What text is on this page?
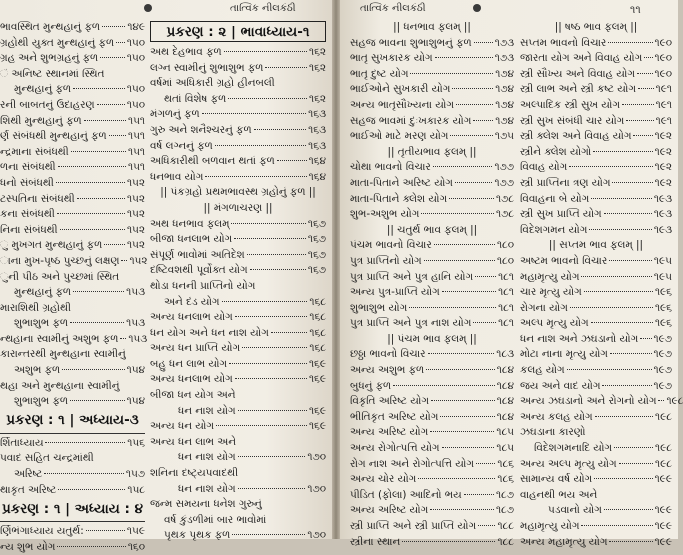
તાત્વિક નીલકંઠી
ભાવસ્થિત મુન્થહાનું ફળ	૧૪૯
ગ્રહોથી યુક્ત મુન્થહાનું ફળ ૧૫૦
ગ્રહ અને શુભગ્રહનું ફળ	૧૫૦
ં અનિષ્ટ સ્થાનમાં સ્થિત
મુન્થહાનું ફળ	૧૫૦
રની બાબતનું ઉદાહરણ	૧૫૦
શિથી મુન્થહાનું ફળ	૧૫૧
ર્ણ સંબંધથી મુન્થહાનું ફળ ૧૫૧
ન્દ્રમાના સંબંધથી	૧૫૧
ળના સંબંધથી	૧૫૧
ધનો સંબંધથી	૧૫૨
ટસ્પતિના સંબંધથી	૧૫૨
કના સંબંધથી	૧૫૨
નિના સંબંધથી	૧૫૨
ુ મુખગત મુન્થહાનું ફળ ૧૫૨
ાના મુખ-પૃષ્ઠ પુચ્છનું લક્ષણ ૧૫૨
ુની પીઠ અને પુચ્છમાં સ્થિત
મુન્થહાનું ફળ	૧૫૩
મારાશિથી ગ્રહોથી
શુભાશુભ ફળ	૧૫૩
ન્થહાના સ્વામીનું અશુભ ફળ ૧૫૩
કારાન્તરથી મુન્થહાના સ્વામીનું
અશુભ ફળ	૧૫૪
થહા અને મુન્થહાના સ્વામીનું
શુભાશુભ ફળ	૧૫૪
પ્રકરણ : ૧ | અધ્યાય-૩
ર્શિતાધ્યાય	૧૫૬
પવાદ સહિત ચન્દ્રમાંથી
અરિષ્ટ	૧૫૭
થાકૃત અરિષ્ટ	૧૫૮
પ્રકરણ : ૧ | અધ્યાય : ૪
ર્ણિભંગાધ્યાય યતુર્થ:	૧૫૯
ન્ય શુભ યોગ	૧૬૦
પ્રકરણ : ૨ | ભાવાધ્યાય-૧
અથ દેહભાવ ફળ	૧૬૨
લગ્ન સ્વામીનું શુભાશુભ ફળ	૧૬૨
વર્ષમાં અધિકારી ગ્રહો હીનબલી
થતાં વિશેષ ફળ	૧૬૨
મંગળનું ફળ	૧૬૩
ગુરુ અને શનૈશ્ચરનું ફળ	૧૬૩
વર્ષ લગ્નનું ફળ	૧૬૩
અધિકારીથી બળવાન થતાં ફળ	૧૬૪
ધનભાવ યોગ	૧૬૪
|| પંકગ્રહો પ્રથમભાવસ્થ ગ્રહોનું ફળ ||
|| મંગળાચરણ ||
અથ ધનભાવ ફલમ્	૧૬૭
બીજા ધનલાભ યોગ	૧૬૭
સંપૂર્ણ ભાવોમાં અતિદેશ	૧૬૭
દષ્ટિવશથી પૂર્વોક્ત યોગ	૧૬૭
થોડા ધનની પ્રાપ્તિનો યોગ
અને દંડ યોગ	૧૬૮
અન્ય ધનલાભ યોગ	૧૬૮
ધન યોગ અને ધન નાશ યોગ	૧૬૮
અન્ય ધન પ્રાપ્તિ યોગ	૧૬૮
બહુ ધન લાભ યોગ	૧૬૯
અન્ય ધનલાભ યોગ	૧૬૯
બીજા ધન યોગ અને
ધન નાશ યોગ	૧૬૯
અન્ય ધન યોગ	૧૬૯
અન્ય ધન લાભ અને
ધન નાશ યોગ	૧૭૦
શનિના દષ્ટ્યપવાદથી
ધન નાશ યોગ	૧૭૦
જન્મ સમયના ધનેશ ગુરુનું
વર્ષ કુંડળીમાં બાર ભાવોમાં
પૃથક પૃથક ફળ	૧૭૦
તાત્વિક નીલકંઠી	૧૧
|| ધનભાવ ફલમ્ ||
સહજ ભાવના શુભાશુભનું ફળ ૧૭૩
ભાતૃ સુખકારક યોગ	૧૭૩
ભાતૃ દુષ્ટ યોગ	૧૭૪
ભાઈઓને સુખકારી યોગ	૧૭૪
અન્ય ભાતૃસૌખ્યના યોગ	૧૭૪
સહજ ભાવમાં દુઃખકારક યોગ ૧૭૪
ભાઈઓ માટે મરણ યોગ	૧૭૫
|| તૃતીયભાવ ફલમ્ ||
ચોથા ભાવનો વિચાર	૧૭૭
માતા-પિતાને અરિષ્ટ યોગ	૧૭૭
માતા-પિતાને ક્લેશ યોગ	૧૭૮
શુભ-અશુભ યોગ	૧૭૮
|| ચતુર્થ ભાવ ફલમ્ ||
પંચમ ભાવનો વિચાર	૧૮૦
પુત્ર પ્રાપ્તિનો યોગ	૧૮૦
પુત્ર પ્રાપ્તિ અને પુત્ર હાનિ યોગ ૧૮૧
અન્ય પુત્ર-પ્રાપ્તિ યોગ	૧૮૧
શુભાશુભ યોગ	૧૮૧
પુત્ર પ્રાપ્તિ અને પુત્ર નાશ યોગ	૧૮૧
|| પંચમ ભાવ ફલમ્ ||
છઠ્ઠા ભાવનો વિચાર	૧૮૩
અન્ય અશુભ ફળ	૧૮૪
બુધનું ફળ	૧૮૪
વિકૃતિ અરિષ્ટ યોગ	૧૮૪
ભીતિકૃત અરિષ્ટ યોગ	૧૮૪
અન્ય અરિષ્ટ યોગ	૧૮૫
અન્ય રોગોત્પત્તિ યોગ	૧૮૫
રોગ નાશ અને રોગોત્પત્તિ યોગ ૧૮૬
અન્ય ચોર યોગ	૧૮૬
પીડિત (ફોલા) આદિનો ભય	૧૮૭
અન્ય અરિષ્ટ યોગ	૧૮૭
સ્ત્રી પ્રાપ્તિ અને સ્ત્રી પ્રાપ્તિ યોગ ૧૮૮
સ્ત્રીના સ્થાન	૧૮૮
|| ષષ્ઠ ભાવ ફલમ્ ||
સપ્તમ ભાવનો વિચાર	૧૯૦
જારતા યોગ અને વિવાહ યોગ ૧૯૦
સ્ત્રી સૌખ્ય અને વિવાહ યોગ ૧૯૦
સ્ત્રી લાભ અને સ્ત્રી કષ્ટ યોગ ૧૯૧
અલ્પાદિક સ્ત્રી સુખ યોગ	૧૯૧
સ્ત્રી સુખ સંબંધી ચાર યોગ	૧૯૧
સ્ત્રી ક્લેશ અને વિવાહ યોગ ૧૯૨
સ્ત્રીને ક્લેશ યોગો	૧૯૨
વિવાહ યોગ	૧૯૨
સ્ત્રી પ્રાપ્તિના ત્રણ યોગ	૧૯૨
વિવાહના બે યોગ	૧૯૩
સ્ત્રી સુખ પ્રાપ્તિ યોગ	૧૯૩
વિદેશગમન યોગ	૧૯૩
|| સપ્તમ ભાવ ફલમ્ ||
અષ્ટમ ભાવનો વિચાર	૧૯૫
મહામૃત્યુ યોગ	૧૯૫
ચાર મૃત્યુ યોગ	૧૯૬
રોગના યોગ	૧૯૬
અલ્પ મૃત્યુ યોગ	૧૯૬
ધન નાશ અને ઝઘડાનો યોગ ૧૯૭
મોટા નાના મૃત્યુ યોગ	૧૯૭
કલહ યોગ	૧૯૭
જય અને વાદ યોગ	૧૯૭
અન્ય ઝઘડાનો અને રોગનો યોગ ૧૯૮
અન્ય કલહ યોગ	૧૯૮
ઝઘડાના કારણો
વિદેશગમનાદિ યોગ	૧૯૮
અન્ય અલ્પ મૃત્યુ યોગ	૧૯૮
સામાન્ય વર્ષ યોગ	૧૯૯
વાહનથી ભય અને
પડવાનો યોગ	૧૯૯
મહામૃત્યુ યોગ	૧૯૯
અન્ય મહામૃત્યુ યોગ	૧૯૯
